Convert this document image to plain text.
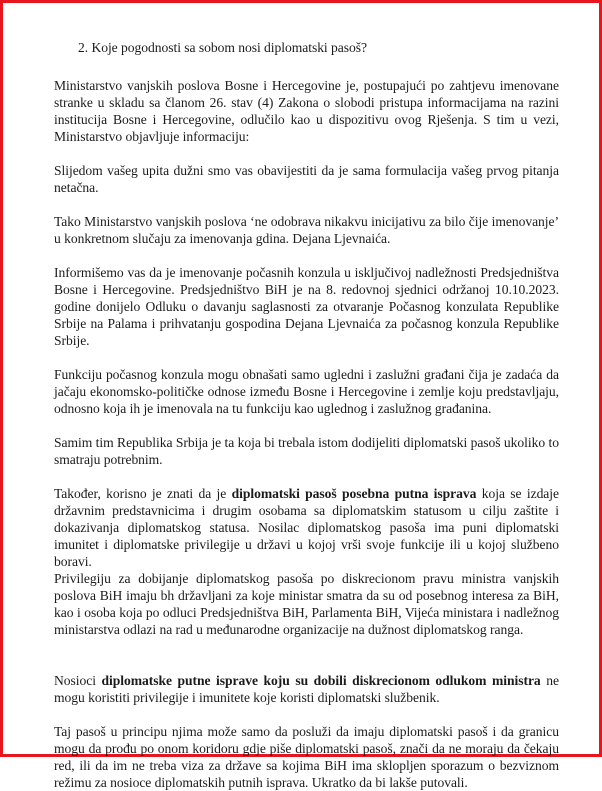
2. Koje pogodnosti sa sobom nosi diplomatski pasoš?

Ministarstvo vanjskih poslova Bosne i Hercegovine je, postupajući po zahtjevu imenovane stranke u skladu sa članom 26. stav (4) Zakona o slobodi pristupa informacijama na razini institucija Bosne i Hercegovine, odlučilo kao u dispozitivu ovog Rješenja. S tim u vezi, Ministarstvo objavljuje informaciju:

Slijedom vašeg upita dužni smo vas obavijestiti da je sama formulacija vašeg prvog pitanja netačna.

Tako Ministarstvo vanjskih poslova ‘ne odobrava nikakvu inicijativu za bilo čije imenovanje’ u konkretnom slučaju za imenovanja gdina. Dejana Ljevnaića.

Informišemo vas da je imenovanje počasnih konzula u isključivoj nadležnosti Predsjedništva Bosne i Hercegovine. Predsjedništvo BiH je na 8. redovnoj sjednici održanoj 10.10.2023. godine donijelo Odluku o davanju saglasnosti za otvaranje Počasnog konzulata Republike Srbije na Palama i prihvatanju gospodina Dejana Ljevnaića za počasnog konzula Republike Srbije.

Funkciju počasnog konzula mogu obnašati samo ugledni i zaslužni građani čija je zadaća da jačaju ekonomsko-političke odnose između Bosne i Hercegovine i zemlje koju predstavljaju, odnosno koja ih je imenovala na tu funkciju kao uglednog i zaslužnog građanina.

Samim tim Republika Srbija je ta koja bi trebala istom dodijeliti diplomatski pasoš ukoliko to smatraju potrebnim.

Također, korisno je znati da je diplomatski pasoš posebna putna isprava koja se izdaje državnim predstavnicima i drugim osobama sa diplomatskim statusom u cilju zaštite i dokazivanja diplomatskog statusa. Nosilac diplomatskog pasoša ima puni diplomatski imunitet i diplomatske privilegije u državi u kojoj vrši svoje funkcije ili u kojoj službeno boravi.

Privilegiju za dobijanje diplomatskog pasoša po diskrecionom pravu ministra vanjskih poslova BiH imaju bh državljani za koje ministar smatra da su od posebnog interesa za BiH, kao i osoba koja po odluci Predsjedništva BiH, Parlamenta BiH, Vijeća ministara i nadležnog ministarstva odlazi na rad u međunarodne organizacije na dužnost diplomatskog ranga.

Nosioci diplomatske putne isprave koju su dobili diskrecionom odlukom ministra ne mogu koristiti privilegije i imunitete koje koristi diplomatski službenik.

Taj pasoš u principu njima može samo da posluži da imaju diplomatski pasoš i da granicu mogu da prođu po onom koridoru gdje piše diplomatski pasoš, znači da ne moraju da čekaju red, ili da im ne treba viza za države sa kojima BiH ima sklopljen sporazum o bezviznom režimu za nosioce diplomatskih putnih isprava. Ukratko da bi lakše putovali.
